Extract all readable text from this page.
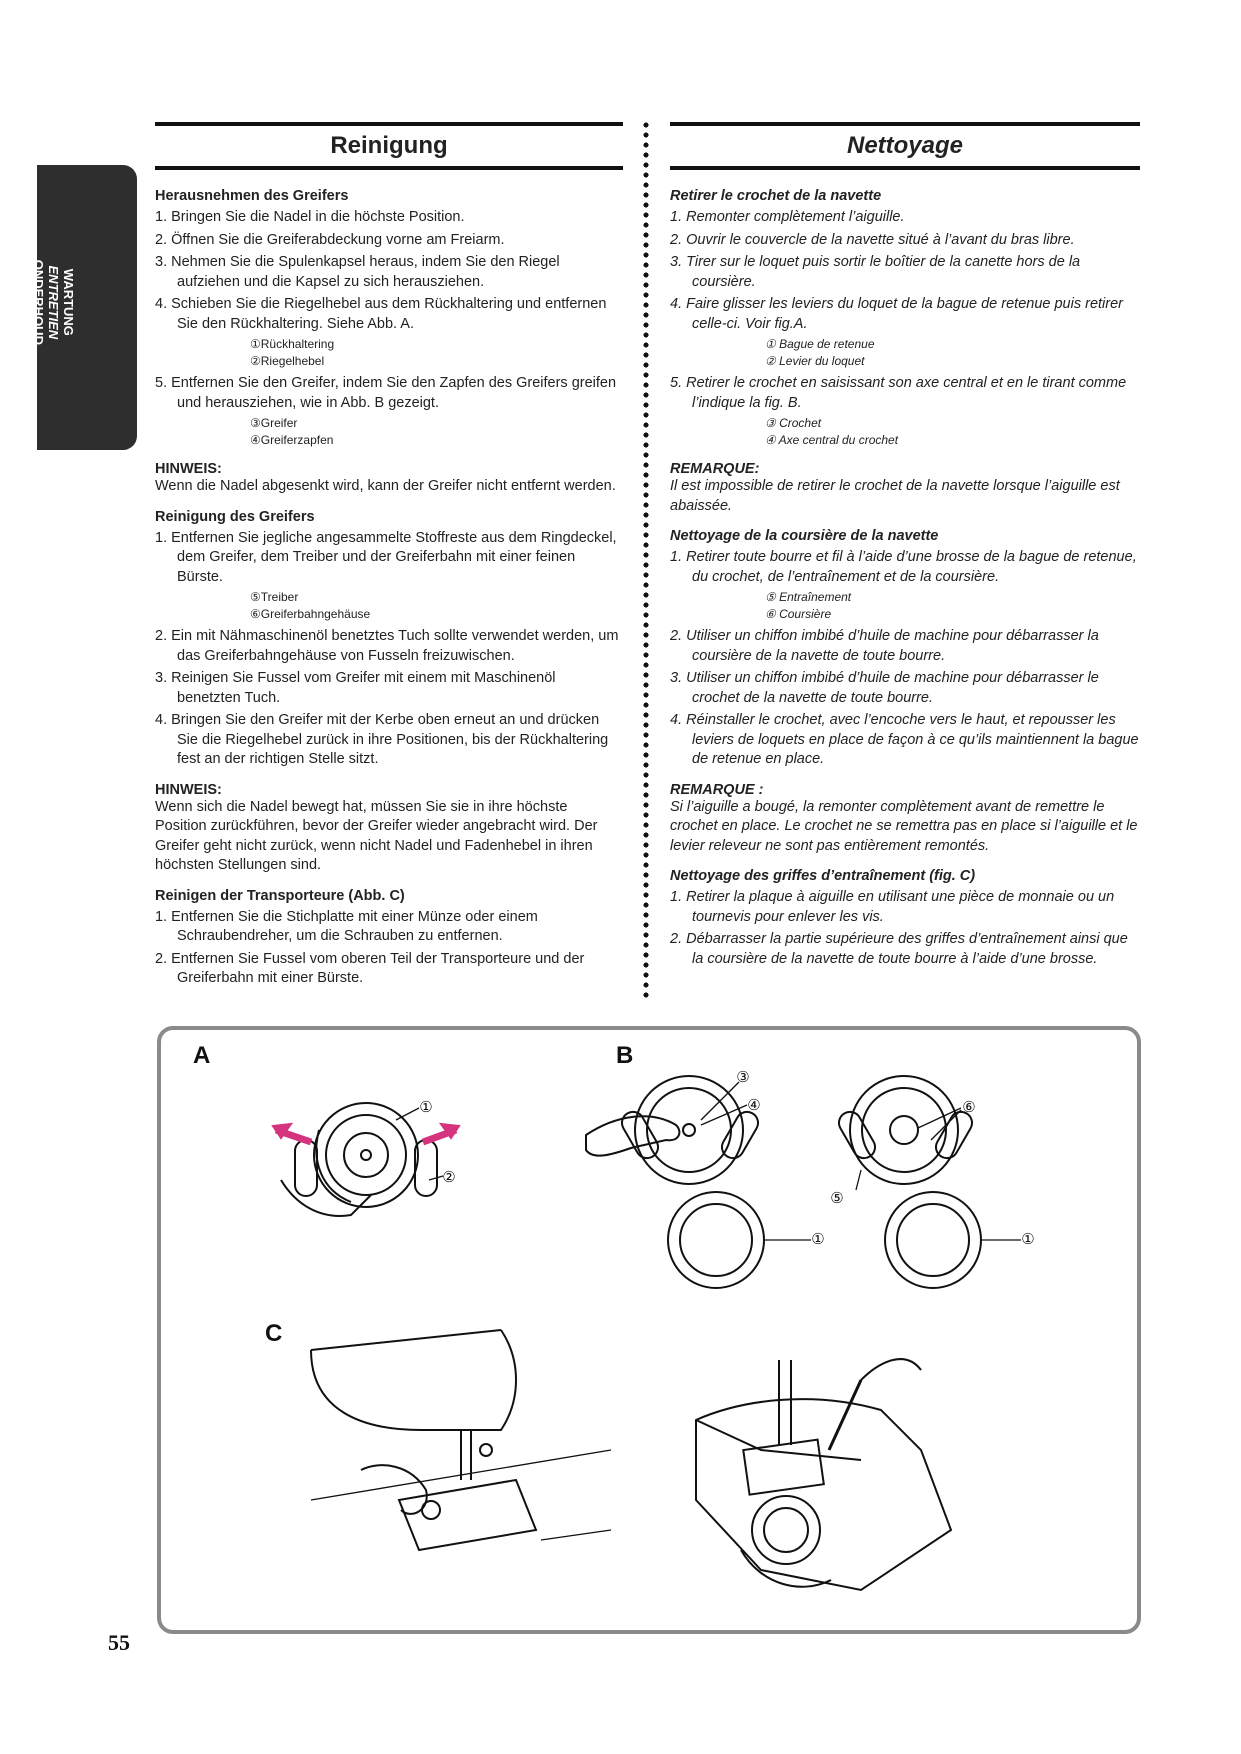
WARTUNG
ENTRETIEN
ONDERHOUD
MANUTENZIONE
Reinigung
Herausnehmen des Greifers
1. Bringen Sie die Nadel in die höchste Position.
2. Öffnen Sie die Greiferabdeckung vorne am Freiarm.
3. Nehmen Sie die Spulenkapsel heraus, indem Sie den Riegel aufziehen und die Kapsel zu sich herausziehen.
4. Schieben Sie die Riegelhebel aus dem Rückhaltering und entfernen Sie den Rückhaltering. Siehe Abb. A.
①Rückhaltering
②Riegelhebel
5. Entfernen Sie den Greifer, indem Sie den Zapfen des Greifers greifen und herausziehen, wie in Abb. B gezeigt.
③Greifer
④Greiferzapfen
HINWEIS:

Wenn die Nadel abgesenkt wird, kann der Greifer nicht entfernt werden.

Reinigung des Greifers
1. Entfernen Sie jegliche angesammelte Stoffreste aus dem Ringdeckel, dem Greifer, dem Treiber und der Greiferbahn mit einer feinen Bürste.
⑤Treiber
⑥Greiferbahngehäuse
2. Ein mit Nähmaschinenöl benetztes Tuch sollte verwendet werden, um das Greiferbahngehäuse von Fusseln freizuwischen.
3. Reinigen Sie Fussel vom Greifer mit einem mit Maschinenöl benetzten Tuch.
4. Bringen Sie den Greifer mit der Kerbe oben erneut an und drücken Sie die Riegelhebel zurück in ihre Positionen, bis der Rückhaltering fest an der richtigen Stelle sitzt.
HINWEIS:

Wenn sich die Nadel bewegt hat, müssen Sie sie in ihre höchste Position zurückführen, bevor der Greifer wieder angebracht wird. Der Greifer geht nicht zurück, wenn nicht Nadel und Fadenhebel in ihren höchsten Stellungen sind.

Reinigen der Transporteure (Abb. C)
1. Entfernen Sie die Stichplatte mit einer Münze oder einem Schraubendreher, um die Schrauben zu entfernen.
2. Entfernen Sie Fussel vom oberen Teil der Transporteure und der Greiferbahn mit einer Bürste.
Nettoyage
Retirer le crochet de la navette
1. Remonter complètement l’aiguille.
2. Ouvrir le couvercle de la navette situé à l’avant du bras libre.
3. Tirer sur le loquet puis sortir le boîtier de la canette hors de la coursière.
4. Faire glisser les leviers du loquet de la bague de retenue puis retirer celle-ci. Voir fig.A.
① Bague de retenue
② Levier du loquet
5. Retirer le crochet en saisissant son axe central et en le tirant comme l’indique la fig. B.
③ Crochet
④ Axe central du crochet
REMARQUE:

Il est impossible de retirer le crochet de la navette lorsque l’aiguille est abaissée.

Nettoyage de la coursière de la navette
1. Retirer toute bourre et fil à l’aide d’une brosse de la bague de retenue, du crochet, de l’entraînement et de la coursière.
⑤ Entraînement
⑥ Coursière
2. Utiliser un chiffon imbibé d’huile de machine pour débarrasser la coursière de la navette de toute bourre.
3. Utiliser un chiffon imbibé d’huile de machine pour débarrasser le crochet de la navette de toute bourre.
4. Réinstaller le crochet, avec l’encoche vers le haut, et repousser les leviers de loquets en place de façon à ce qu’ils maintiennent la bague de retenue en place.
REMARQUE :

Si l’aiguille a bougé, la remonter complètement avant de remettre le crochet en place. Le crochet ne se remettra pas en place si l’aiguille et le levier releveur ne sont pas entièrement remontés.

Nettoyage des griffes d’entraînement (fig. C)
1. Retirer la plaque à aiguille en utilisant une pièce de monnaie ou un tournevis pour enlever les vis.
2. Débarrasser la partie supérieure des griffes d’entraînement ainsi que la coursière de la navette de toute bourre à l’aide d’une brosse.
A	B
C
①
②
③
④	⑥
⑤
①	①
55
